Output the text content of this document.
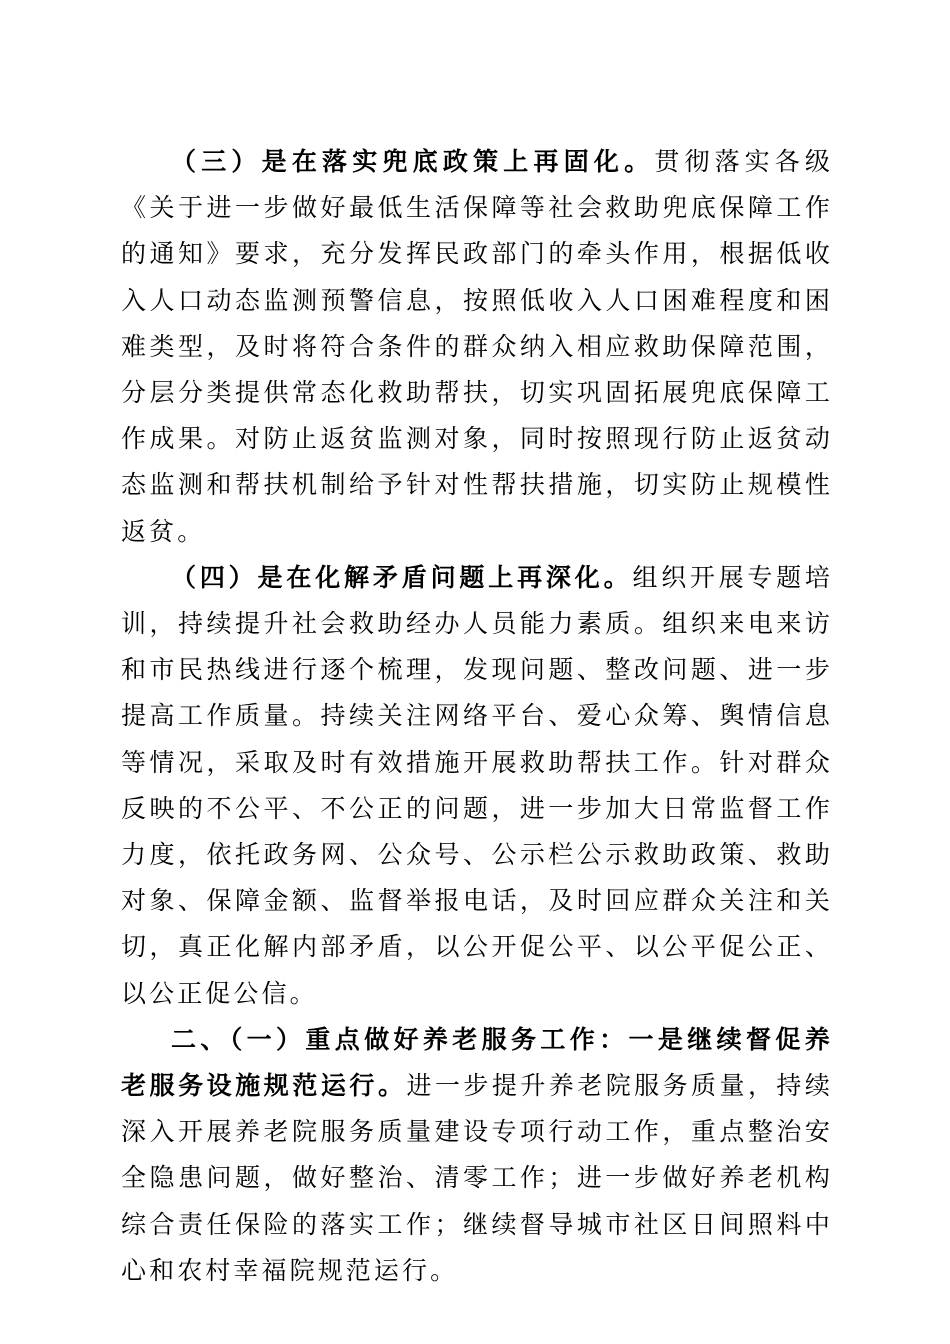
（三）是在落实兜底政策上再固化。贯彻落实各级《关于进一步做好最低生活保障等社会救助兜底保障工作的通知》要求，充分发挥民政部门的牵头作用，根据低收入人口动态监测预警信息，按照低收入人口困难程度和困难类型，及时将符合条件的群众纳入相应救助保障范围，分层分类提供常态化救助帮扶，切实巩固拓展兜底保障工作成果。对防止返贫监测对象，同时按照现行防止返贫动态监测和帮扶机制给予针对性帮扶措施，切实防止规模性返贫。

（四）是在化解矛盾问题上再深化。组织开展专题培训，持续提升社会救助经办人员能力素质。组织来电来访和市民热线进行逐个梳理，发现问题、整改问题、进一步提高工作质量。持续关注网络平台、爱心众筹、舆情信息等情况，采取及时有效措施开展救助帮扶工作。针对群众反映的不公平、不公正的问题，进一步加大日常监督工作力度，依托政务网、公众号、公示栏公示救助政策、救助对象、保障金额、监督举报电话，及时回应群众关注和关切，真正化解内部矛盾，以公开促公平、以公平促公正、以公正促公信。

二、（一）重点做好养老服务工作：一是继续督促养老服务设施规范运行。进一步提升养老院服务质量，持续深入开展养老院服务质量建设专项行动工作，重点整治安全隐患问题，做好整治、清零工作；进一步做好养老机构综合责任保险的落实工作；继续督导城市社区日间照料中心和农村幸福院规范运行。
